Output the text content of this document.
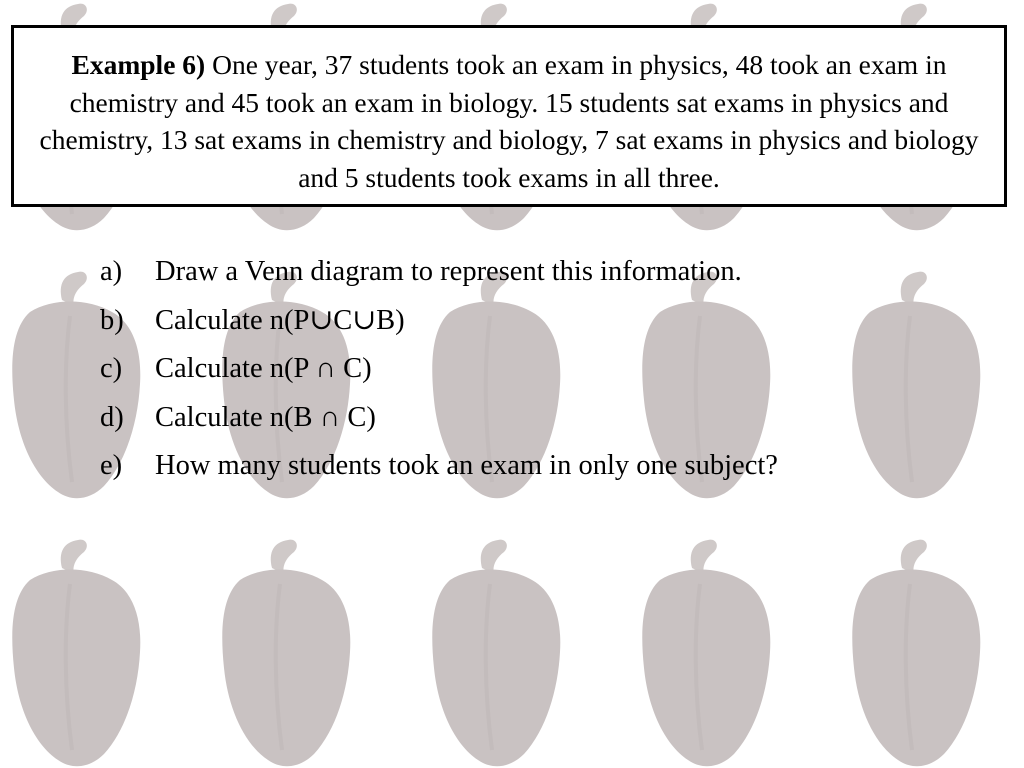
Example 6) One year, 37 students took an exam in physics, 48 took an exam in chemistry and 45 took an exam in biology. 15 students sat exams in physics and chemistry, 13 sat exams in chemistry and biology, 7 sat exams in physics and biology and 5 students took exams in all three.
a)	Draw a Venn diagram to represent this information.
b)	Calculate n(P∪C∪B)
c)	Calculate n(P ∩ C)
d)	Calculate n(B ∩ C)
e)	How many students took an exam in only one subject?
